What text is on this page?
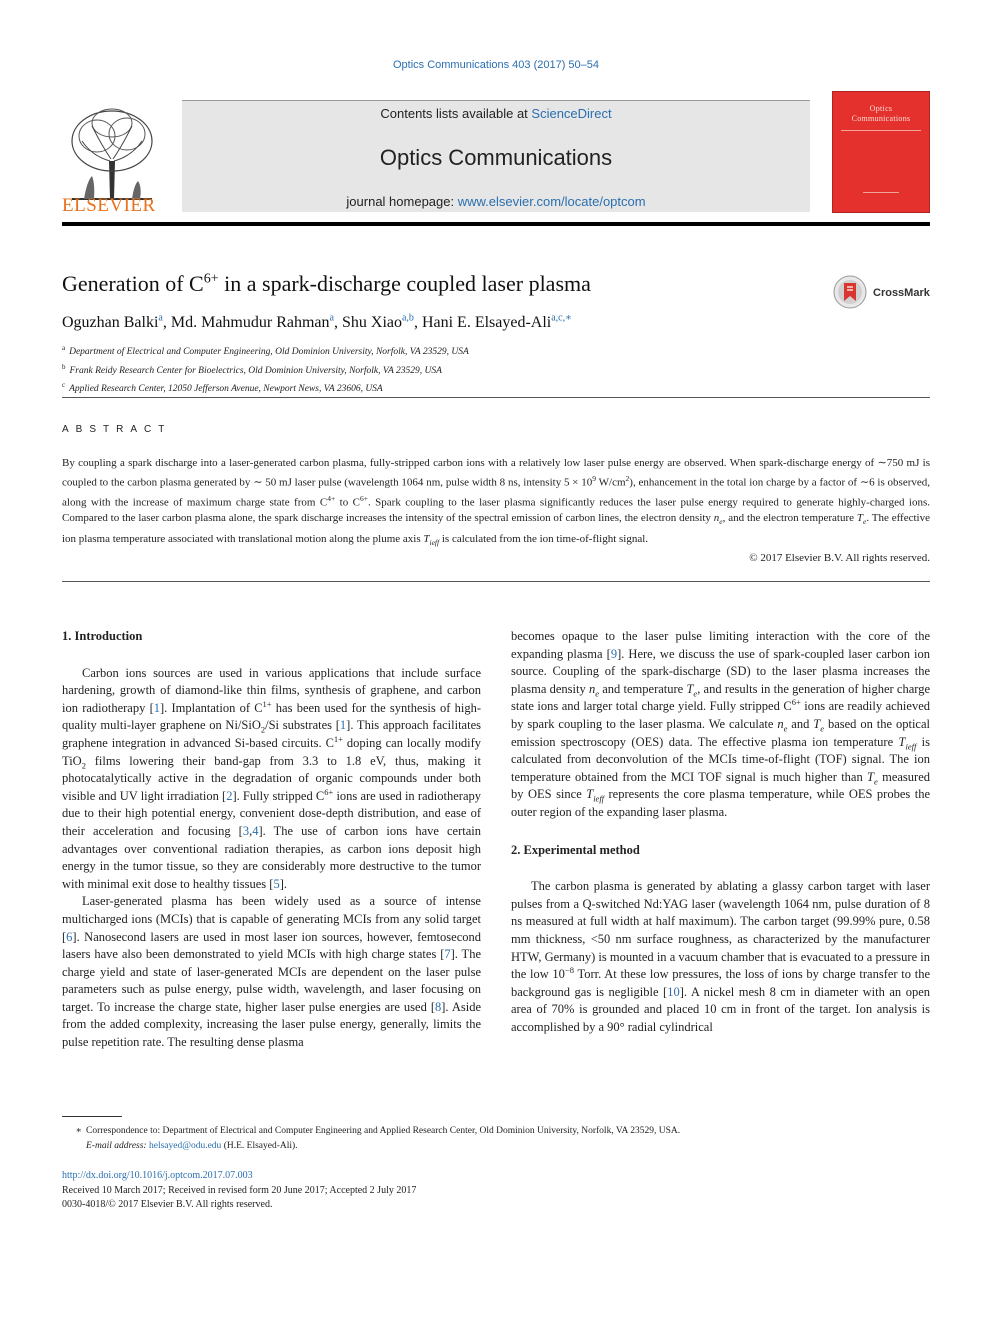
Optics Communications 403 (2017) 50–54
ELSEVIER
Contents lists available at ScienceDirect
Optics Communications
journal homepage: www.elsevier.com/locate/optcom
Optics
Communications
Generation of $C^{6+}$ in a spark-discharge coupled laser plasma	CrossMark
Oguzhan Balki$^a$, Md. Mahmudur Rahman$^a$, Shu Xiao$^{a,b}$, Hani E. Elsayed-Ali$^{a,c,∗}$
$^a$ Department of Electrical and Computer Engineering, Old Dominion University, Norfolk, VA 23529, USA
$^b$ Frank Reidy Research Center for Bioelectrics, Old Dominion University, Norfolk, VA 23529, USA
$^c$ Applied Research Center, 12050 Jefferson Avenue, Newport News, VA 23606, USA
ABSTRACT
By coupling a spark discharge into a laser-generated carbon plasma, fully-stripped carbon ions with a relatively low laser pulse energy are observed. When spark-discharge energy of ∼750 mJ is coupled to the carbon plasma generated by ∼ 50 mJ laser pulse (wavelength 1064 nm, pulse width 8 ns, intensity $5 \times 10^9$ $W/cm^2$), enhancement in the total ion charge by a factor of ∼6 is observed, along with the increase of maximum charge state from $C^{4+}$ to $C^{6+}$. Spark coupling to the laser plasma significantly reduces the laser pulse energy required to generate highly-charged ions. Compared to the laser carbon plasma alone, the spark discharge increases the intensity of the spectral emission of carbon lines, the electron density $n_e$, and the electron temperature $T_e$. The effective ion plasma temperature associated with translational motion along the plume axis $T_{ieff}$ is calculated from the ion time-of-flight signal.
© 2017 Elsevier B.V. All rights reserved.
1. Introduction

Carbon ions sources are used in various applications that include surface hardening, growth of diamond-like thin films, synthesis of graphene, and carbon ion radiotherapy [1]. Implantation of $C^{1+}$ has been used for the synthesis of high-quality multi-layer graphene on Ni/SiO$_2$/Si substrates [1]. This approach facilitates graphene integration in advanced Si-based circuits. $C^{1+}$ doping can locally modify TiO$_2$ films lowering their band-gap from 3.3 to 1.8 eV, thus, making it photocatalytically active in the degradation of organic compounds under both visible and UV light irradiation [2]. Fully stripped $C^{6+}$ ions are used in radiotherapy due to their high potential energy, convenient dose-depth distribution, and ease of their acceleration and focusing [3,4]. The use of carbon ions have certain advantages over conventional radiation therapies, as carbon ions deposit high energy in the tumor tissue, so they are considerably more destructive to the tumor with minimal exit dose to healthy tissues [5].

Laser-generated plasma has been widely used as a source of intense multicharged ions (MCIs) that is capable of generating MCIs from any solid target [6]. Nanosecond lasers are used in most laser ion sources, however, femtosecond lasers have also been demonstrated to yield MCIs with high charge states [7]. The charge yield and state of laser-generated MCIs are dependent on the laser pulse parameters such as pulse energy, pulse width, wavelength, and laser focusing on target. To increase the charge state, higher laser pulse energies are used [8]. Aside from the added complexity, increasing the laser pulse energy, generally, limits the pulse repetition rate. The resulting dense plasma

becomes opaque to the laser pulse limiting interaction with the core of the expanding plasma [9]. Here, we discuss the use of spark-coupled laser carbon ion source. Coupling of the spark-discharge (SD) to the laser plasma increases the plasma density $n_e$ and temperature $T_e$, and results in the generation of higher charge state ions and larger total charge yield. Fully stripped $C^{6+}$ ions are readily achieved by spark coupling to the laser plasma. We calculate $n_e$ and $T_e$ based on the optical emission spectroscopy (OES) data. The effective plasma ion temperature $T_{ieff}$ is calculated from deconvolution of the MCIs time-of-flight (TOF) signal. The ion temperature obtained from the MCI TOF signal is much higher than $T_e$ measured by OES since $T_{ieff}$ represents the core plasma temperature, while OES probes the outer region of the expanding laser plasma.

2. Experimental method

The carbon plasma is generated by ablating a glassy carbon target with laser pulses from a Q-switched Nd:YAG laser (wavelength 1064 nm, pulse duration of 8 ns measured at full width at half maximum). The carbon target (99.99% pure, 0.58 mm thickness, <50 nm surface roughness, as characterized by the manufacturer HTW, Germany) is mounted in a vacuum chamber that is evacuated to a pressure in the low $10^{-8}$ Torr. At these low pressures, the loss of ions by charge transfer to the background gas is negligible [10]. A nickel mesh 8 cm in diameter with an open area of 70% is grounded and placed 10 cm in front of the target. Ion analysis is accomplished by a 90° radial cylindrical

∗ Correspondence to: Department of Electrical and Computer Engineering and Applied Research Center, Old Dominion University, Norfolk, VA 23529, USA.
E-mail address: helsayed@odu.edu (H.E. Elsayed-Ali).
http://dx.doi.org/10.1016/j.optcom.2017.07.003
Received 10 March 2017; Received in revised form 20 June 2017; Accepted 2 July 2017
0030-4018/© 2017 Elsevier B.V. All rights reserved.
